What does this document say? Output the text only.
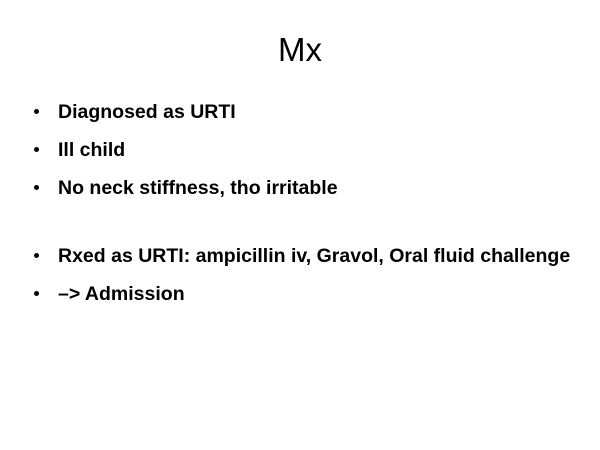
Mx
Diagnosed as URTI
Ill child
No neck stiffness, tho irritable
Rxed as URTI: ampicillin iv, Gravol, Oral fluid challenge
–> Admission
